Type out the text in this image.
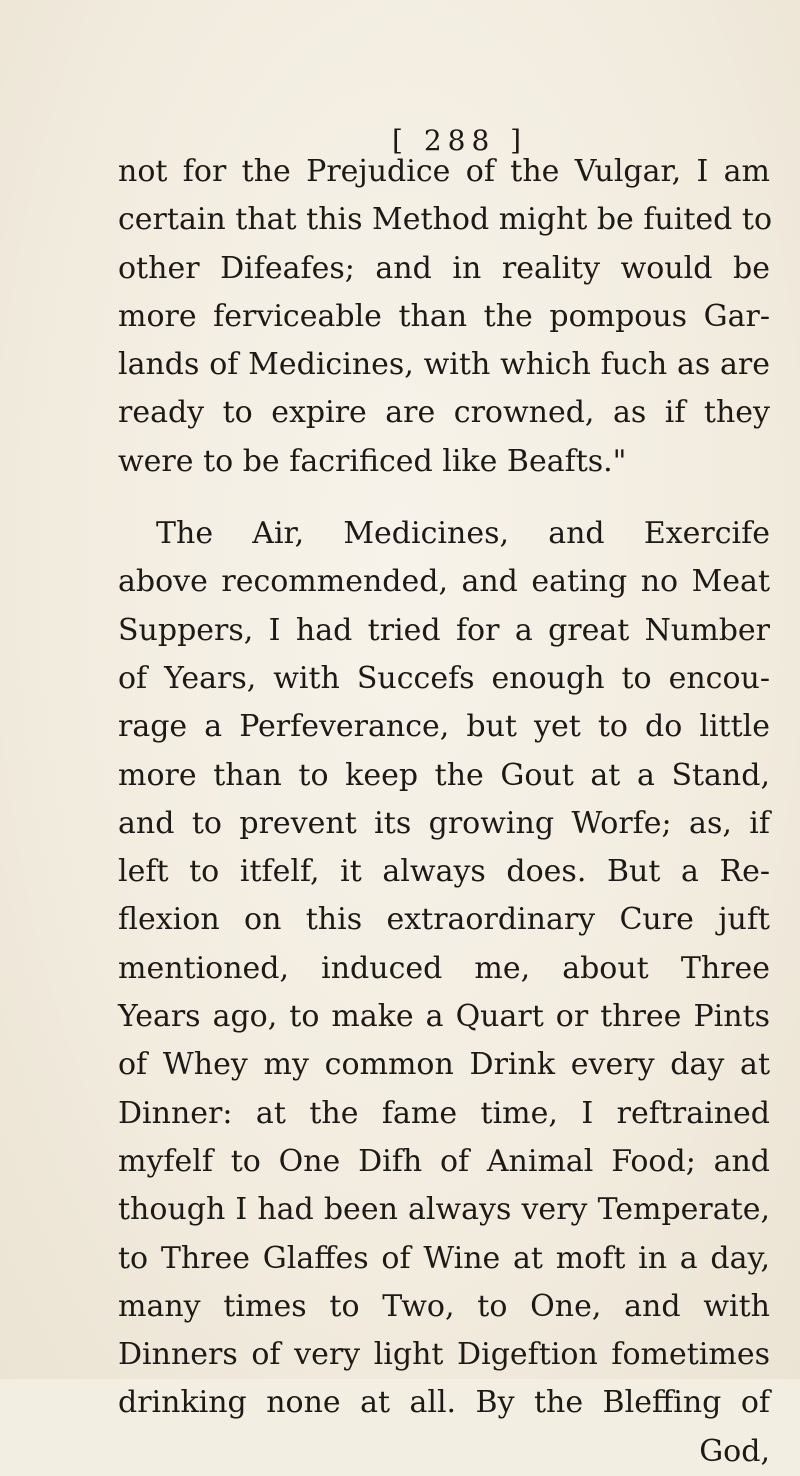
[ 288 ]
not for the Prejudice of the Vulgar, I am
certain that this Method might be fuited to
other Difeafes; and in reality would be
more ferviceable than the pompous Gar-
lands of Medicines, with which fuch as are
ready to expire are crowned, as if they
were to be facrificed like Beafts."
The Air, Medicines, and Exercife
above recommended, and eating no Meat
Suppers, I had tried for a great Number
of Years, with Succefs enough to encou-
rage a Perfeverance, but yet to do little
more than to keep the Gout at a Stand,
and to prevent its growing Worfe; as, if
left to itfelf, it always does. But a Re-
flexion on this extraordinary Cure juft
mentioned, induced me, about Three
Years ago, to make a Quart or three Pints
of Whey my common Drink every day at
Dinner: at the fame time, I reftrained
myfelf to One Difh of Animal Food; and
though I had been always very Temperate,
to Three Glaffes of Wine at moft in a day,
many times to Two, to One, and with
Dinners of very light Digeftion fometimes
drinking none at all. By the Bleffing of
God,
